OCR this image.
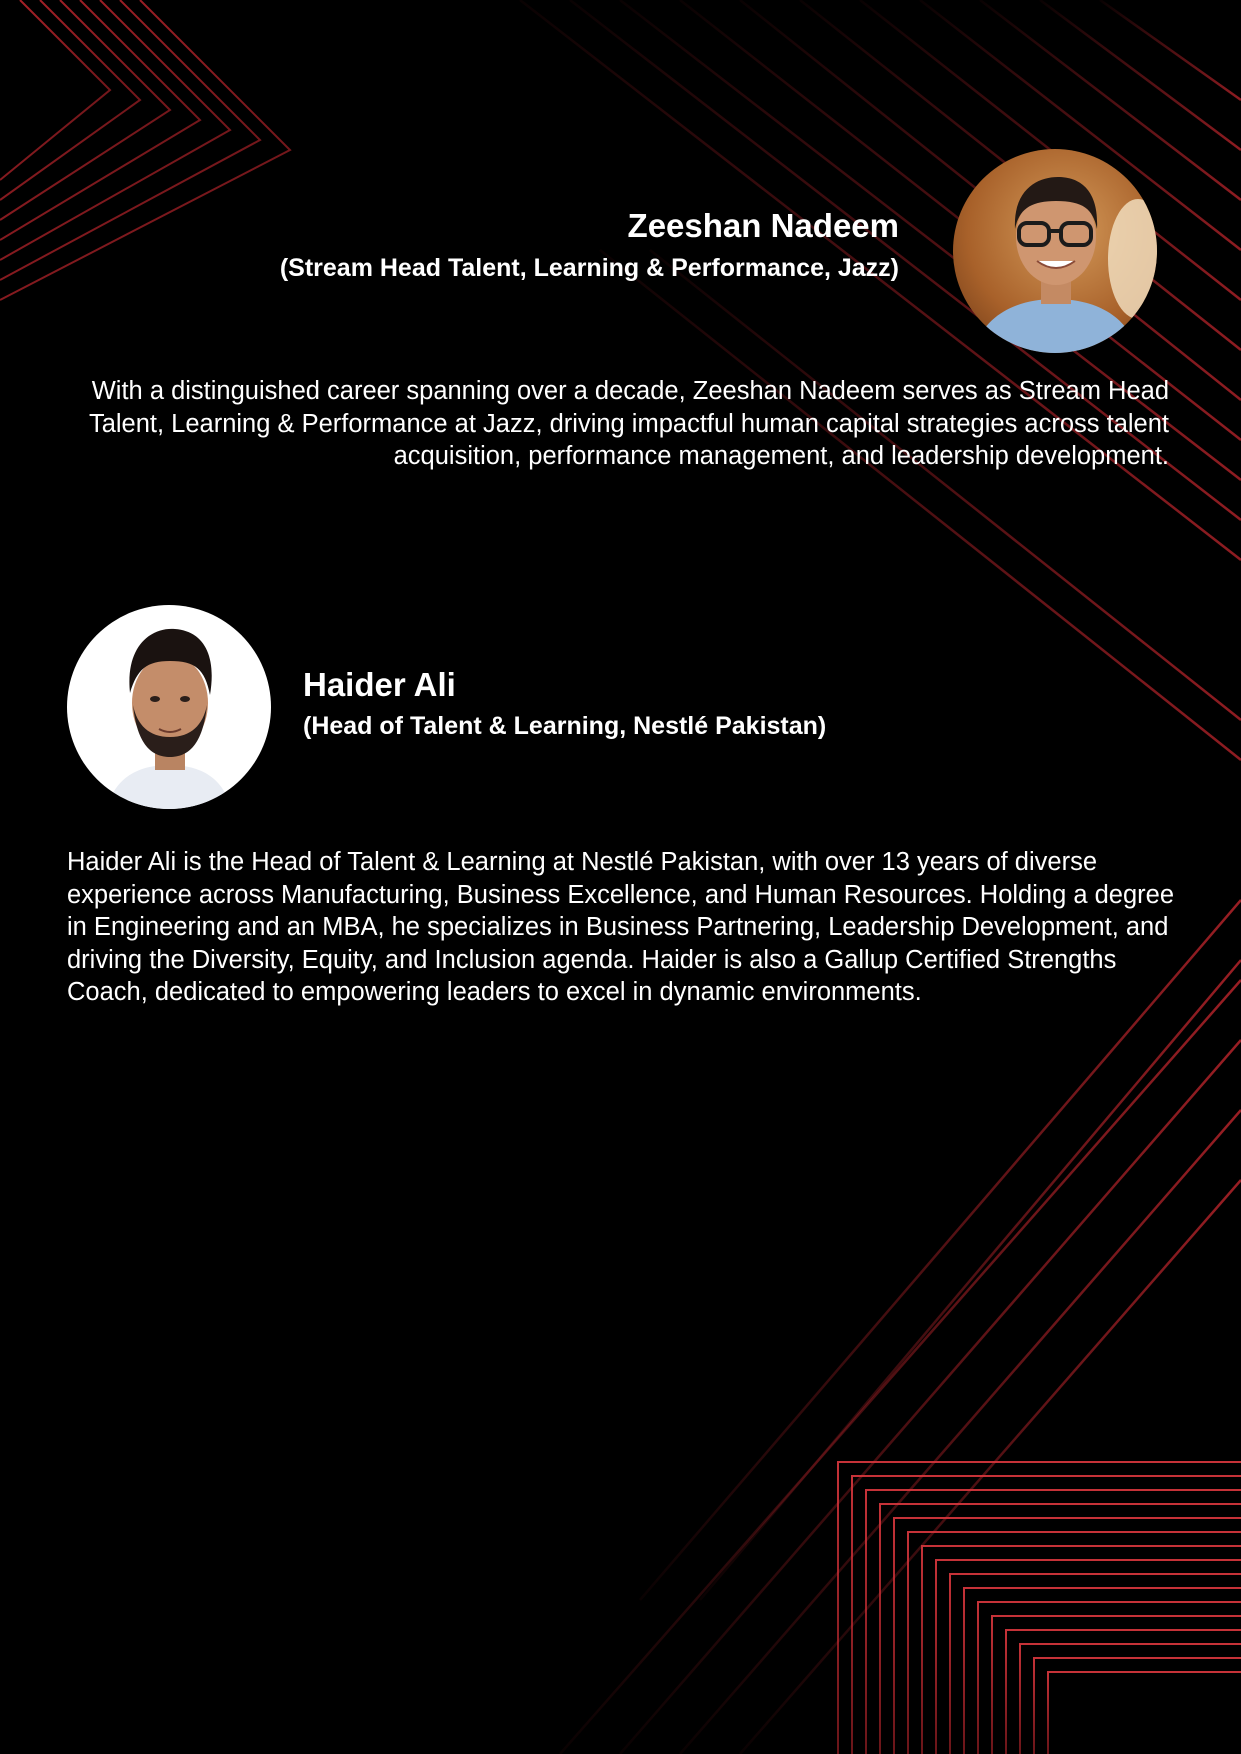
Zeeshan Nadeem

(Stream Head Talent, Learning & Performance, Jazz)

With a distinguished career spanning over a decade, Zeeshan Nadeem serves as Stream Head Talent, Learning & Performance at Jazz, driving impactful human capital strategies across talent acquisition, performance management, and leadership development.

Haider Ali

(Head of Talent & Learning, Nestlé Pakistan)

Haider Ali is the Head of Talent & Learning at Nestlé Pakistan, with over 13 years of diverse experience across Manufacturing, Business Excellence, and Human Resources. Holding a degree in Engineering and an MBA, he specializes in Business Partnering, Leadership Development, and driving the Diversity, Equity, and Inclusion agenda. Haider is also a Gallup Certified Strengths Coach, dedicated to empowering leaders to excel in dynamic environments.
